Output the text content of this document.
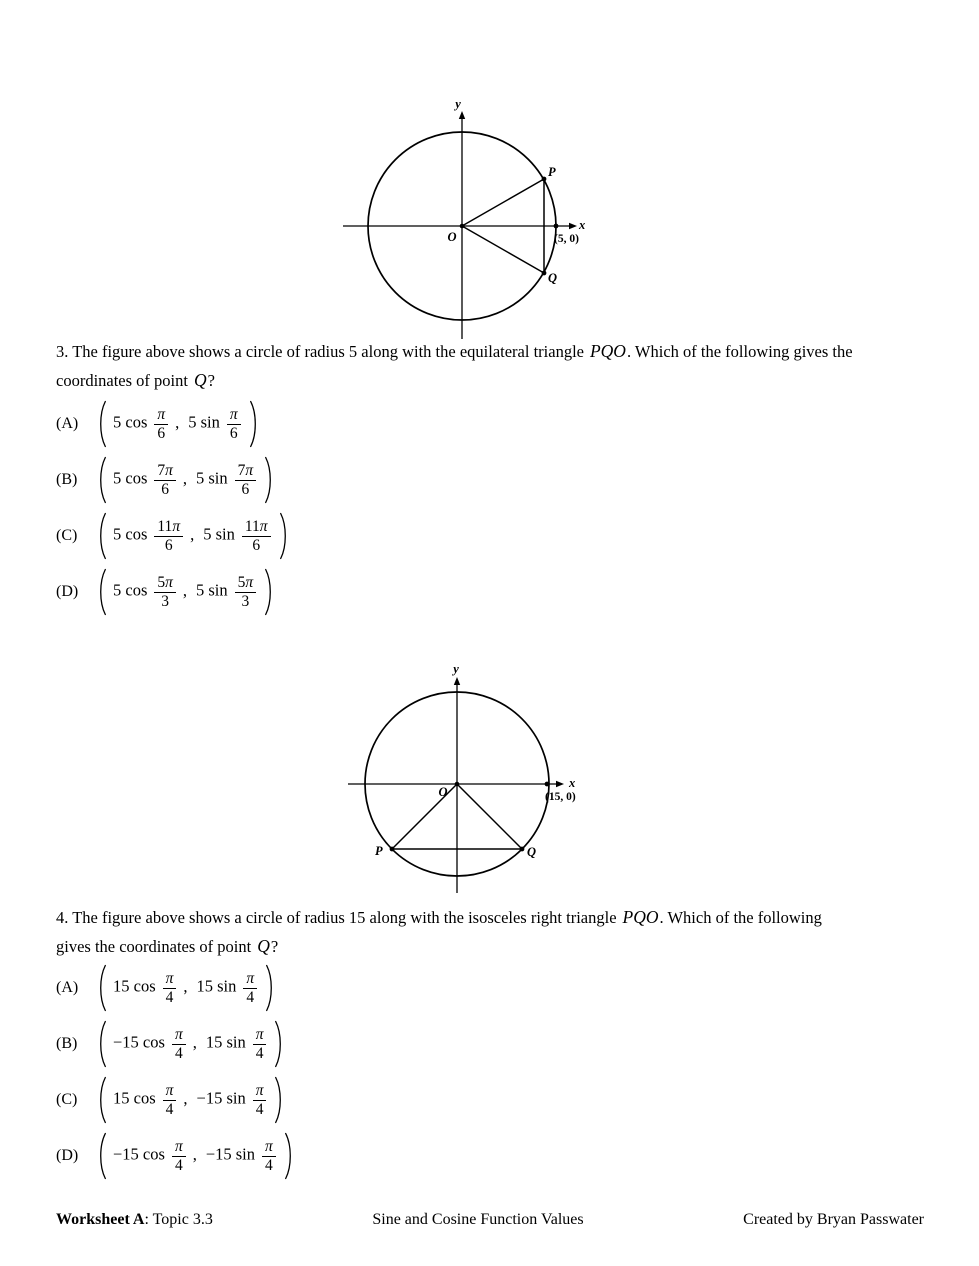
y
x
O
P
Q
(5, 0)
3. The figure above shows a circle of radius 5 along with the equilateral triangle PQO. Which of the following gives the
coordinates of point Q?
(A)	5 $\cos \frac{\pi}{6}$ , 5 $\sin \frac{\pi}{6}$

(B)	5 $\cos \frac{7\pi}{6}$ , 5 $\sin \frac{7\pi}{6}$

(C)	5 $\cos \frac{11\pi}{6}$ , 5 $\sin \frac{11\pi}{6}$

(D)	5 $\cos \frac{5\pi}{3}$ , 5 $\sin \frac{5\pi}{3}$

y
x
O
P	Q
(15, 0)
4. The figure above shows a circle of radius 15 along with the isosceles right triangle PQO. Which of the following
gives the coordinates of point Q?
(A)	15 $\cos \frac{\pi}{4}$ , 15 $\sin \frac{\pi}{4}$

(B)	−15 $\cos \frac{\pi}{4}$ , 15 $\sin \frac{\pi}{4}$

(C)	15 $\cos \frac{\pi}{4}$ , −15 $\sin \frac{\pi}{4}$

(D)	−15 $\cos \frac{\pi}{4}$ , −15 $\sin \frac{\pi}{4}$

Worksheet A: Topic 3.3	Sine and Cosine Function Values	Created by Bryan Passwater
